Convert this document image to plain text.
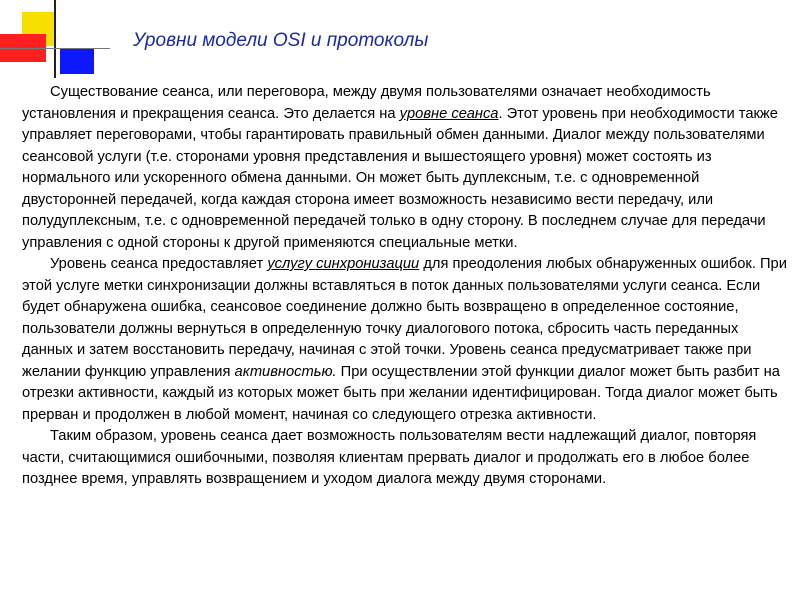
Уровни модели OSI и протоколы

Существование сеанса, или переговора, между двумя пользователями означает необходимость установления и прекращения сеанса. Это делается на уровне сеанса. Этот уровень при необходимости также управляет переговорами, чтобы гарантировать правильный обмен данными. Диалог между пользователями сеансовой услуги (т.е. сторонами уровня представления и вышестоящего уровня) может состоять из нормального или ускоренного обмена данными. Он может быть дуплексным, т.е. с одновременной двусторонней передачей, когда каждая сторона имеет возможность независимо вести передачу, или полудуплексным, т.е. с одновременной передачей только в одну сторону. В последнем случае для передачи управления с одной стороны к другой применяются специальные метки.

Уровень сеанса предоставляет услугу синхронизации для преодоления любых обнаруженных ошибок. При этой услуге метки синхронизации должны вставляться в поток данных пользователями услуги сеанса. Если будет обнаружена ошибка, сеансовое соединение должно быть возвращено в определенное состояние, пользователи должны вернуться в определенную точку диалогового потока, сбросить часть переданных данных и затем восстановить передачу, начиная с этой точки. Уровень сеанса предусматривает также при желании функцию управления активностью. При осуществлении этой функции диалог может быть разбит на отрезки активности, каждый из которых может быть при желании идентифицирован. Тогда диалог может быть прерван и продолжен в любой момент, начиная со следующего отрезка активности.

Таким образом, уровень сеанса дает возможность пользователям вести надлежащий диалог, повторяя части, считающимися ошибочными, позволяя клиентам прервать диалог и продолжать его в любое более позднее время, управлять возвращением и уходом диалога между двумя сторонами.
